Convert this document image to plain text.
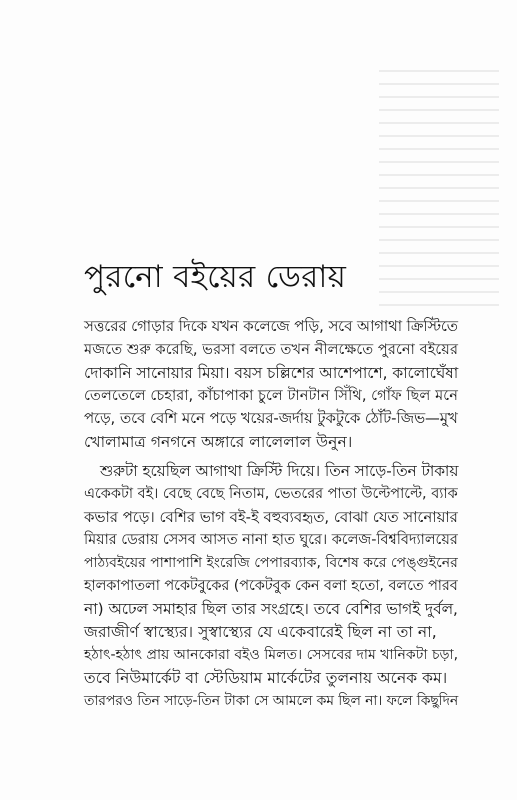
পুরনো বইয়ের ডেরায়

সত্তরের গোড়ার দিকে যখন কলেজে পড়ি, সবে আগাথা ক্রিস্টিতে
মজতে শুরু করেছি, ভরসা বলতে তখন নীলক্ষেতে পুরনো বইয়ের
দোকানি সানোয়ার মিয়া। বয়স চল্লিশের আশেপাশে, কালোঘেঁষা
তেলতেলে চেহারা, কাঁচাপাকা চুলে টানটান সিঁথি, গোঁফ ছিল মনে
পড়ে, তবে বেশি মনে পড়ে খয়ের-জর্দায় টুকটুকে ঠোঁট-জিভ—মুখ
খোলামাত্র গনগনে অঙ্গারে লালেলাল উনুন।

শুরুটা হয়েছিল আগাথা ক্রিস্টি দিয়ে। তিন সাড়ে-তিন টাকায়
একেকটা বই। বেছে বেছে নিতাম, ভেতরের পাতা উল্টেপাল্টে, ব্যাক
কভার পড়ে। বেশির ভাগ বই-ই বহুব্যবহৃত, বোঝা যেত সানোয়ার
মিয়ার ডেরায় সেসব আসত নানা হাত ঘুরে। কলেজ-বিশ্ববিদ্যালয়ের
পাঠ্যবইয়ের পাশাপাশি ইংরেজি পেপারব্যাক, বিশেষ করে পেঙ্গুইনের
হালকাপাতলা পকেটবুকের (পকেটবুক কেন বলা হতো, বলতে পারব
না) অঢেল সমাহার ছিল তার সংগ্রহে। তবে বেশির ভাগই দুর্বল,
জরাজীর্ণ স্বাস্থ্যের। সুস্বাস্থ্যের যে একেবারেই ছিল না তা না,
হঠাৎ-হঠাৎ প্রায় আনকোরা বইও মিলত। সেসবের দাম খানিকটা চড়া,
তবে নিউমার্কেট বা স্টেডিয়াম মার্কেটের তুলনায় অনেক কম।
তারপরও তিন সাড়ে-তিন টাকা সে আমলে কম ছিল না। ফলে কিছুদিন
